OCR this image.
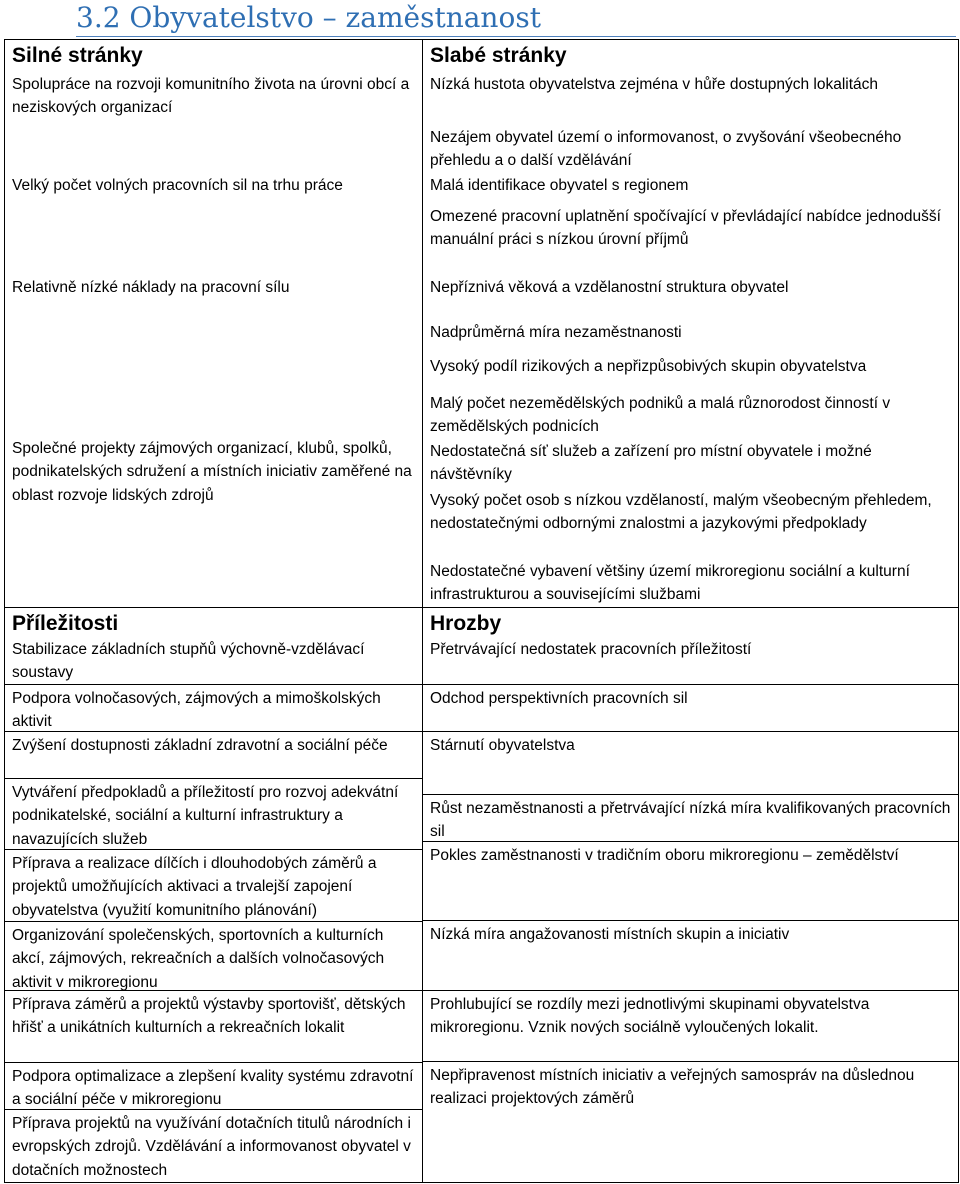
3.2 Obyvatelstvo – zaměstnanost
Silné stránky
Spolupráce na rozvoji komunitního života na úrovni obcí a neziskových organizací
Velký počet volných pracovních sil na trhu práce
Relativně nízké náklady na pracovní sílu
Společné projekty zájmových organizací, klubů, spolků, podnikatelských sdružení a místních iniciativ zaměřené na oblast rozvoje lidských zdrojů
Příležitosti
Stabilizace základních stupňů výchovně-vzdělávací soustavy
Podpora volnočasových, zájmových a mimoškolských aktivit
Zvýšení dostupnosti základní zdravotní a sociální péče
Vytváření předpokladů a příležitostí pro rozvoj adekvátní podnikatelské, sociální a kulturní infrastruktury a navazujících služeb
Příprava a realizace dílčích i dlouhodobých záměrů a projektů umožňujících aktivaci a trvalejší zapojení obyvatelstva (využití komunitního plánování)
Organizování společenských, sportovních a kulturních akcí, zájmových, rekreačních a dalších volnočasových aktivit v mikroregionu
Příprava záměrů a projektů výstavby sportovišť, dětských hřišť a unikátních kulturních a rekreačních lokalit
Podpora optimalizace a zlepšení kvality systému zdravotní a sociální péče v mikroregionu
Příprava projektů na využívání dotačních titulů národních i evropských zdrojů. Vzdělávání a informovanost obyvatel v dotačních možnostech
Slabé stránky
Nízká hustota obyvatelstva zejména v hůře dostupných lokalitách
Nezájem obyvatel území o informovanost, o zvyšování všeobecného přehledu a o další vzdělávání
Malá identifikace obyvatel s regionem
Omezené pracovní uplatnění spočívající v převládající nabídce jednodušší manuální práci s nízkou úrovní příjmů
Nepříznivá věková a vzdělanostní struktura obyvatel
Nadprůměrná míra nezaměstnanosti
Vysoký podíl rizikových a nepřizpůsobivých skupin obyvatelstva
Malý počet nezemědělských podniků a malá různorodost činností v zemědělských podnicích
Nedostatečná síť služeb a zařízení pro místní obyvatele i možné návštěvníky
Vysoký počet osob s nízkou vzdělaností, malým všeobecným přehledem, nedostatečnými odbornými znalostmi a jazykovými předpoklady
Nedostatečné vybavení většiny území mikroregionu sociální a kulturní infrastrukturou a souvisejícími službami
Hrozby
Přetrvávající nedostatek pracovních příležitostí
Odchod perspektivních pracovních sil
Stárnutí obyvatelstva
Růst nezaměstnanosti a přetrvávající nízká míra kvalifikovaných pracovních sil
Pokles zaměstnanosti v tradičním oboru mikroregionu – zemědělství
Nízká míra angažovanosti místních skupin a iniciativ
Prohlubující se rozdíly mezi jednotlivými skupinami obyvatelstva mikroregionu. Vznik nových sociálně vyloučených lokalit.
Nepřipravenost místních iniciativ a veřejných samospráv na důslednou realizaci projektových záměrů
